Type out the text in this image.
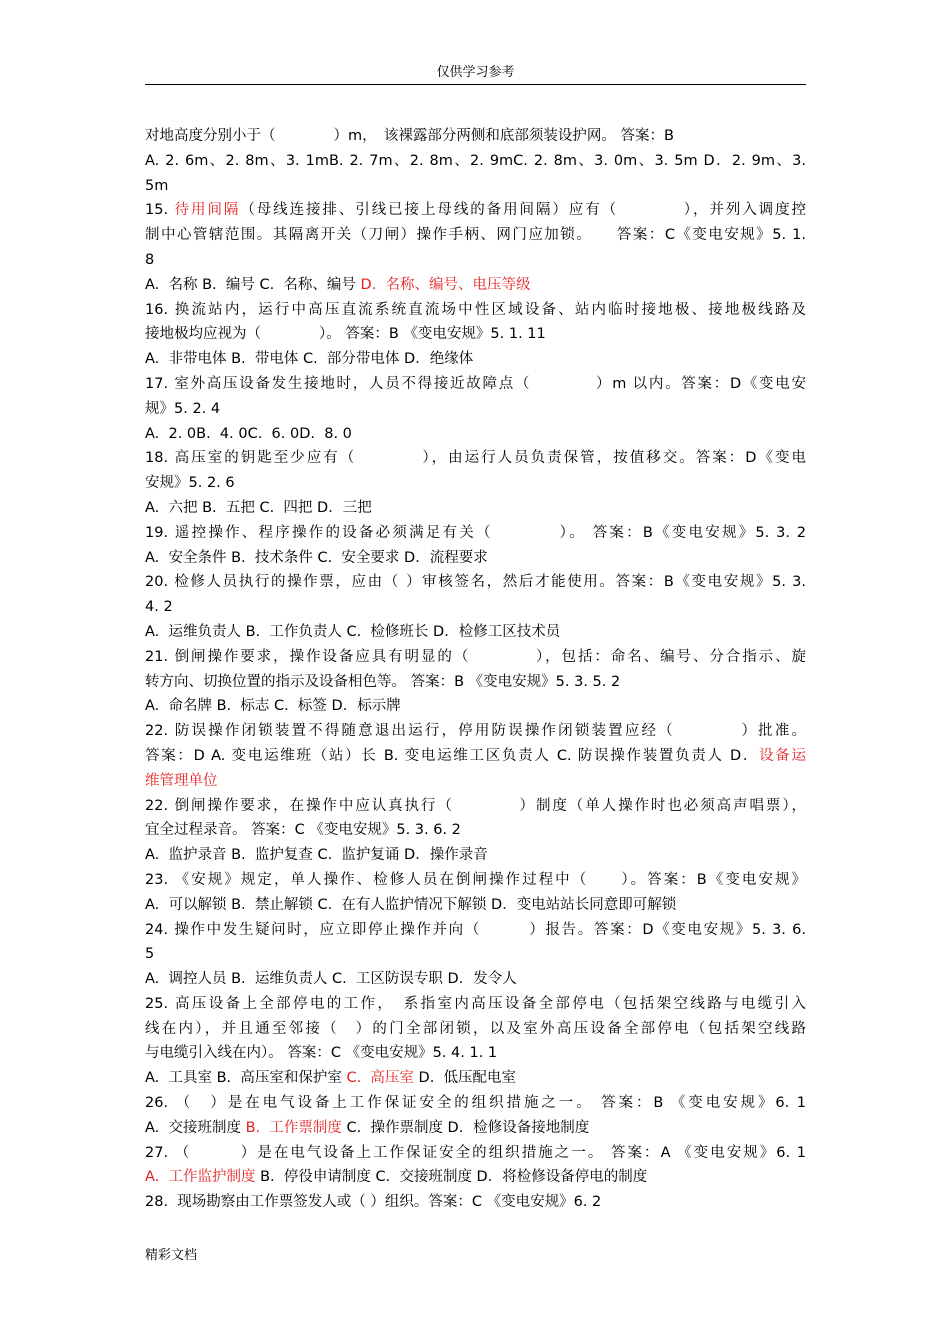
仅供学习参考
对地高度分别小于（　　　　）m，　该裸露部分两侧和底部须装设护网。 答案：B
A. 2. 6m、2. 8m、3. 1mB. 2. 7m、2. 8m、2. 9mC. 2. 8m、3. 0m、3. 5m D．2. 9m、3.
5m
15. 待用间隔（母线连接排、引线已接上母线的备用间隔）应有（　　　　），并列入调度控
制中心管辖范围。其隔离开关（刀闸）操作手柄、网门应加锁。　　答案：C《变电安规》5. 1.
8
A.  名称 B.  编号 C.  名称、编号 D.  名称、编号、电压等级
16. 换流站内，运行中高压直流系统直流场中性区域设备、站内临时接地极、接地极线路及
接地极均应视为（　　　　）。 答案：B 《变电安规》5. 1. 11
A.  非带电体 B.  带电体 C.  部分带电体 D．绝缘体
17. 室外高压设备发生接地时，人员不得接近故障点（　　　　）m 以内。答案：D《变电安
规》5. 2. 4
A.  2. 0B.  4. 0C.  6. 0D.  8. 0
18. 高压室的钥匙至少应有（　　　　），由运行人员负责保管，按值移交。答案：D《变电
安规》5. 2. 6
A.  六把 B.  五把 C.  四把 D．三把
19. 遥控操作、程序操作的设备必须满足有关（　　　　）。 答案：B《变电安规》5. 3. 2
A.  安全条件 B.  技术条件 C.  安全要求 D．流程要求
20. 检修人员执行的操作票，应由（ ）审核签名，然后才能使用。答案：B《变电安规》5. 3.
4. 2
A.  运维负责人 B.  工作负责人 C.  检修班长 D．检修工区技术员
21. 倒闸操作要求，操作设备应具有明显的（　　　　），包括：命名、编号、分合指示、旋
转方向、切换位置的指示及设备相色等。 答案：B 《变电安规》5. 3. 5. 2
A.  命名牌 B.  标志 C.  标签 D．标示牌
22. 防误操作闭锁装置不得随意退出运行，停用防误操作闭锁装置应经（　　　　）批准。
答案：D A. 变电运维班（站）长 B. 变电运维工区负责人 C. 防误操作装置负责人 D．设备运
维管理单位
22. 倒闸操作要求，在操作中应认真执行（　　　　）制度（单人操作时也必须高声唱票），
宜全过程录音。 答案：C 《变电安规》5. 3. 6. 2
A.  监护录音 B.  监护复查 C.  监护复诵 D．操作录音
23. 《安规》规定，单人操作、检修人员在倒闸操作过程中（　　）。答案：B《变电安规》
A.  可以解锁 B.  禁止解锁 C.  在有人监护情况下解锁 D．变电站站长同意即可解锁
24. 操作中发生疑问时，应立即停止操作并向（　　　）报告。答案：D《变电安规》5. 3. 6.
5
A.  调控人员 B.  运维负责人 C.  工区防误专职 D．发令人
25. 高压设备上全部停电的工作，　系指室内高压设备全部停电（包括架空线路与电缆引入
线在内），并且通至邻接（　）的门全部闭锁，以及室外高压设备全部停电（包括架空线路
与电缆引入线在内）。 答案：C 《变电安规》5. 4. 1. 1
A.  工具室 B.  高压室和保护室 C.  高压室 D.  低压配电室
26. （　）是在电气设备上工作保证安全的组织措施之一。 答案：B 《变电安规》6. 1
A.  交接班制度 B.  工作票制度 C.  操作票制度 D．检修设备接地制度
27. （　　　）是在电气设备上工作保证安全的组织措施之一。 答案：A 《变电安规》6. 1
A.  工作监护制度 B.  停役申请制度 C.  交接班制度 D．将检修设备停电的制度
28.  现场勘察由工作票签发人或（ ）组织。答案：C 《变电安规》6. 2
精彩文档
